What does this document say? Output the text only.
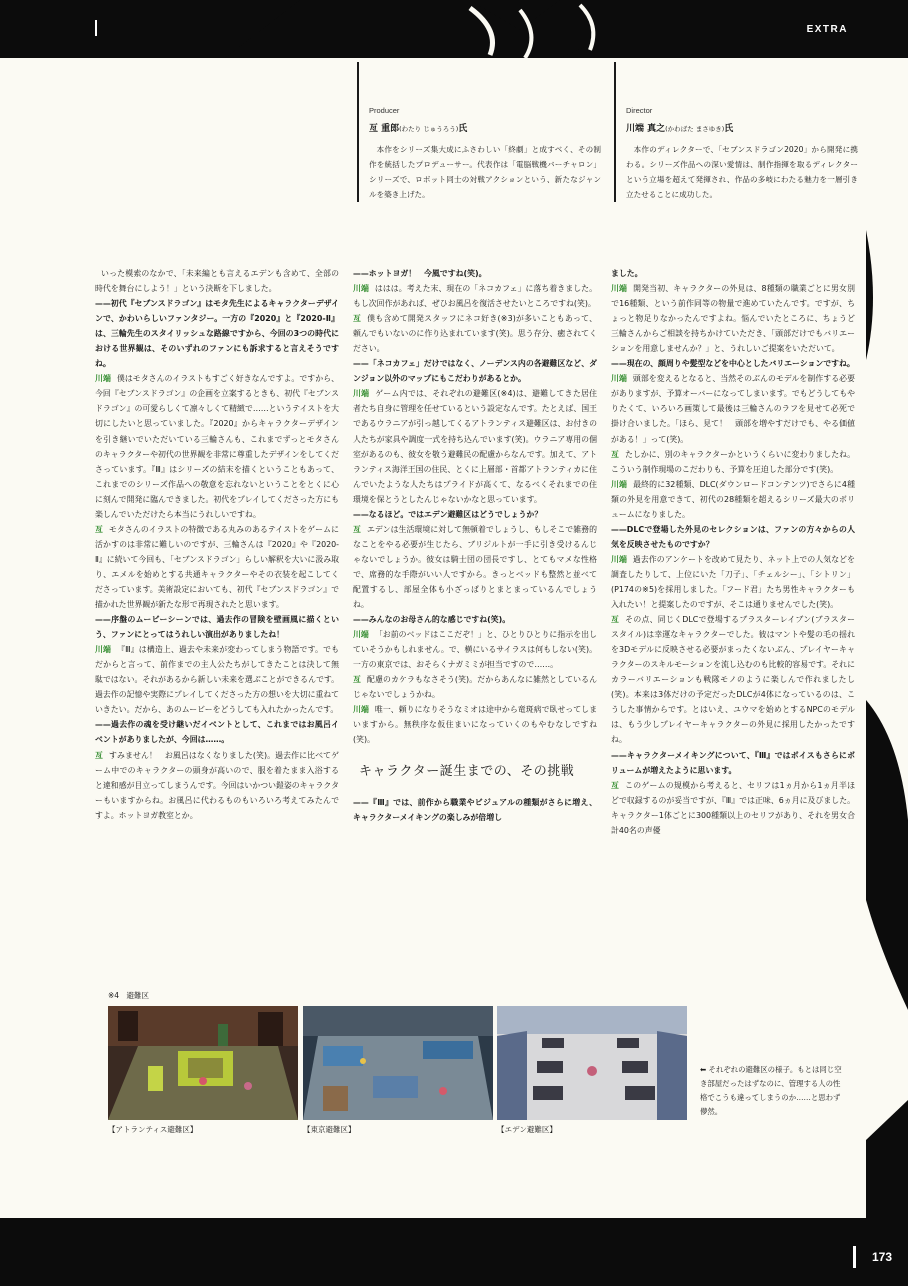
EXTRA
Producer
亙 重郎(わたり じゅうろう)氏
本作をシリーズ集大成にふさわしい「終劇」と成すべく、その制作を統括したプロデューサー。代表作は「電脳戦機バーチャロン」シリーズで、ロボット同士の対戦アクションという、新たなジャンルを築き上げた。
Director
川端 真之(かわばた まさゆき)氏
本作のディレクターで、「セブンスドラゴン2020」から開発に携わる。シリーズ作品への深い愛情は、制作指揮を取るディレクターという立場を超えて発揮され、作品の多岐にわたる魅力を一層引き立たせることに成功した。

いった模索のなかで、「未来編とも言えるエデンも含めて、全部の時代を舞台にしよう！」という決断を下しました。

——初代『セブンスドラゴン』はモタ先生によるキャラクターデザインで、かわいらしいファンタジー。一方の『2020』と『2020-Ⅱ』は、三輪先生のスタイリッシュな路線ですから、今回の3つの時代における世界観は、そのいずれのファンにも訴求すると言えそうですね。

川端 僕はモタさんのイラストもすごく好きなんですよ。ですから、今回『セブンスドラゴン』の企画を立案するときも、初代『セブンスドラゴン』の可愛らしくて凛々しくて精緻で……というテイストを大切にしたいと思っていました。『2020』からキャラクターデザインを引き継いでいただいている三輪さんも、これまでずっとモタさんのキャラクターや初代の世界観を非常に尊重したデザインをしてくださっています。『Ⅲ』はシリーズの結末を描くということもあって、これまでのシリーズ作品への敬意を忘れないということをとくに心に刻んで開発に臨んできました。初代をプレイしてくださった方にも楽しんでいただけたら本当にうれしいですね。

亙 モタさんのイラストの特徴である丸みのあるテイストをゲームに活かすのは非常に難しいのですが、三輪さんは『2020』や『2020-Ⅱ』に続いて今回も、「セブンスドラゴン」らしい解釈を大いに汲み取り、エメルを始めとする共通キャラクターやその衣装を起こしてくださっています。美術設定においても、初代『セブンスドラゴン』で描かれた世界観が新たな形で再現されたと思います。

——序盤のムービーシーンでは、過去作の冒険を壁画風に描くという、ファンにとってはうれしい演出がありましたね！

川端 『Ⅲ』は構造上、過去や未来が変わってしまう物語です。でもだからと言って、前作までの主人公たちがしてきたことは決して無駄ではない。それがあるから新しい未来を選ぶことができるんです。過去作の記憶や実際にプレイしてくださった方の想いを大切に重ねていきたい。だから、あのムービーをどうしても入れたかったんです。

——過去作の魂を受け継いだイベントとして、これまではお風呂イベントがありましたが、今回は……。

亙 すみません！　お風呂はなくなりました(笑)。過去作に比べてゲーム中でのキャラクターの頭身が高いので、服を着たまま入浴すると違和感が目立ってしまうんです。今回はいかつい鎧姿のキャラクターもいますからね。お風呂に代わるものもいろいろ考えてみたんですよ。ホットヨガ教室とか。

——ホットヨガ！　今風ですね(笑)。

川端 ははは。考えた末、現在の「ネコカフェ」に落ち着きました。もし次回作があれば、ぜひお風呂を復活させたいところですね(笑)。

亙 僕も含めて開発スタッフにネコ好き(※3)が多いこともあって、頼んでもいないのに作り込まれています(笑)。思う存分、癒されてください。

——「ネコカフェ」だけではなく、ノーデンス内の各避難区など、ダンジョン以外のマップにもこだわりがあるとか。

川端 ゲーム内では、それぞれの避難区(※4)は、避難してきた居住者たち自身に管理を任せているという設定なんです。たとえば、国王であるウラニアが引っ越してくるアトランティス避難区は、お付きの人たちが家具や調度一式を持ち込んでいます(笑)。ウラニア専用の個室があるのも、彼女を敬う避難民の配慮からなんです。加えて、アトランティス海洋王国の住民、とくに上層部・首都アトランティカに住んでいたような人たちはプライドが高くて、なるべくそれまでの住環境を保とうとしたんじゃないかなと思っています。

——なるほど。ではエデン避難区はどうでしょうか？

亙 エデンは生活環境に対して無頓着でしょうし、もしそこで雑務的なことをやる必要が生じたら、ブリジルトが一手に引き受けるんじゃないでしょうか。彼女は騎士団の団長ですし、とてもマメな性格で、席務的な手際がいい人ですから。きっとベッドも整然と並べて配置するし、部屋全体も小ざっぱりとまとまっているんでしょうね。

——みんなのお母さん的な感じですね(笑)。

川端 「お前のベッドはここだぞ！」と、ひとりひとりに指示を出していそうかもしれません。で、横にいるサイラスは何もしない(笑)。一方の東京では、おそらくナガミミが担当ですので……。

亙 配慮のカケラもなさそう(笑)。だからあんなに雑然としているんじゃないでしょうかね。

川端 唯一、頼りになりそうなミオは途中から竜斑病で臥せってしまいますから。無秩序な仮住まいになっていくのもやむなしですね(笑)。

キャラクター誕生までの、その挑戦

——『Ⅲ』では、前作から職業やビジュアルの種類がさらに増え、キャラクターメイキングの楽しみが倍増し

ました。

川端 開発当初、キャラクターの外見は、8種類の職業ごとに男女別で16種類、という前作同等の物量で進めていたんです。ですが、ちょっと物足りなかったんですよね。悩んでいたところに、ちょうど三輪さんからご相談を持ちかけていただき、「頭部だけでもバリエーションを用意しませんか？」と、うれしいご提案をいただいて。

——現在の、顔周りや髪型などを中心としたバリエーションですね。

川端 頭部を変えるとなると、当然そのぶんのモデルを制作する必要がありますが、予算オーバーになってしまいます。でもどうしてもやりたくて、いろいろ画策して最後は三輪さんのラフを見せて必死で掛け合いました。「ほら、見て！　頭部を増やすだけでも、やる価値がある！」って(笑)。

亙 たしかに、別のキャラクターかというくらいに変わりましたね。こういう制作現場のこだわりも、予算を圧迫した部分です(笑)。

川端 最終的に32種類、DLC(ダウンロードコンテンツ)でさらに4種類の外見を用意できて、初代の28種類を超えるシリーズ最大のボリュームになりました。

——DLCで登場した外見のセレクションは、ファンの方々からの人気を反映させたものですか？

川端 過去作のアンケートを改めて見たり、ネット上での人気などを調査したりして、上位にいた「刀子」、「チェルシー」、「シトリン」(P174の※5)を採用しました。「フード君」たち男性キャラクターも入れたい！と提案したのですが、そこは通りませんでした(笑)。

亙 その点、同じくDLCで登場するブラスターレイブン(ブラスタースタイル)は幸運なキャラクターでした。彼はマントや髪の毛の揺れを3Dモデルに反映させる必要がまったくないぶん、プレイヤーキャラクターのスキルモーションを流し込むのも比較的容易です。それにカラーバリエーションも戦隊モノのように楽しんで作れましたし(笑)。本来は3体だけの予定だったDLCが4体になっているのは、こうした事情からです。とはいえ、ユウマを始めとするNPCのモデルは、もう少しプレイヤーキャラクターの外見に採用したかったですね。

——キャラクターメイキングについて、『Ⅲ』ではボイスもさらにボリュームが増えたように思います。

亙 このゲームの規模から考えると、セリフは1ヵ月から1ヵ月半ほどで収録するのが妥当ですが、『Ⅲ』では正味、6ヵ月に及びました。キャラクター1体ごとに300種類以上のセリフがあり、それを男女合計40名の声優

※4　避難区
【アトランティス避難区】	【東京避難区】	【エデン避難区】
⬅ それぞれの避難区の様子。もとは同じ空き部屋だったはずなのに、管理する人の性格でこうも違ってしまうのか……と思わず儚然。
173
